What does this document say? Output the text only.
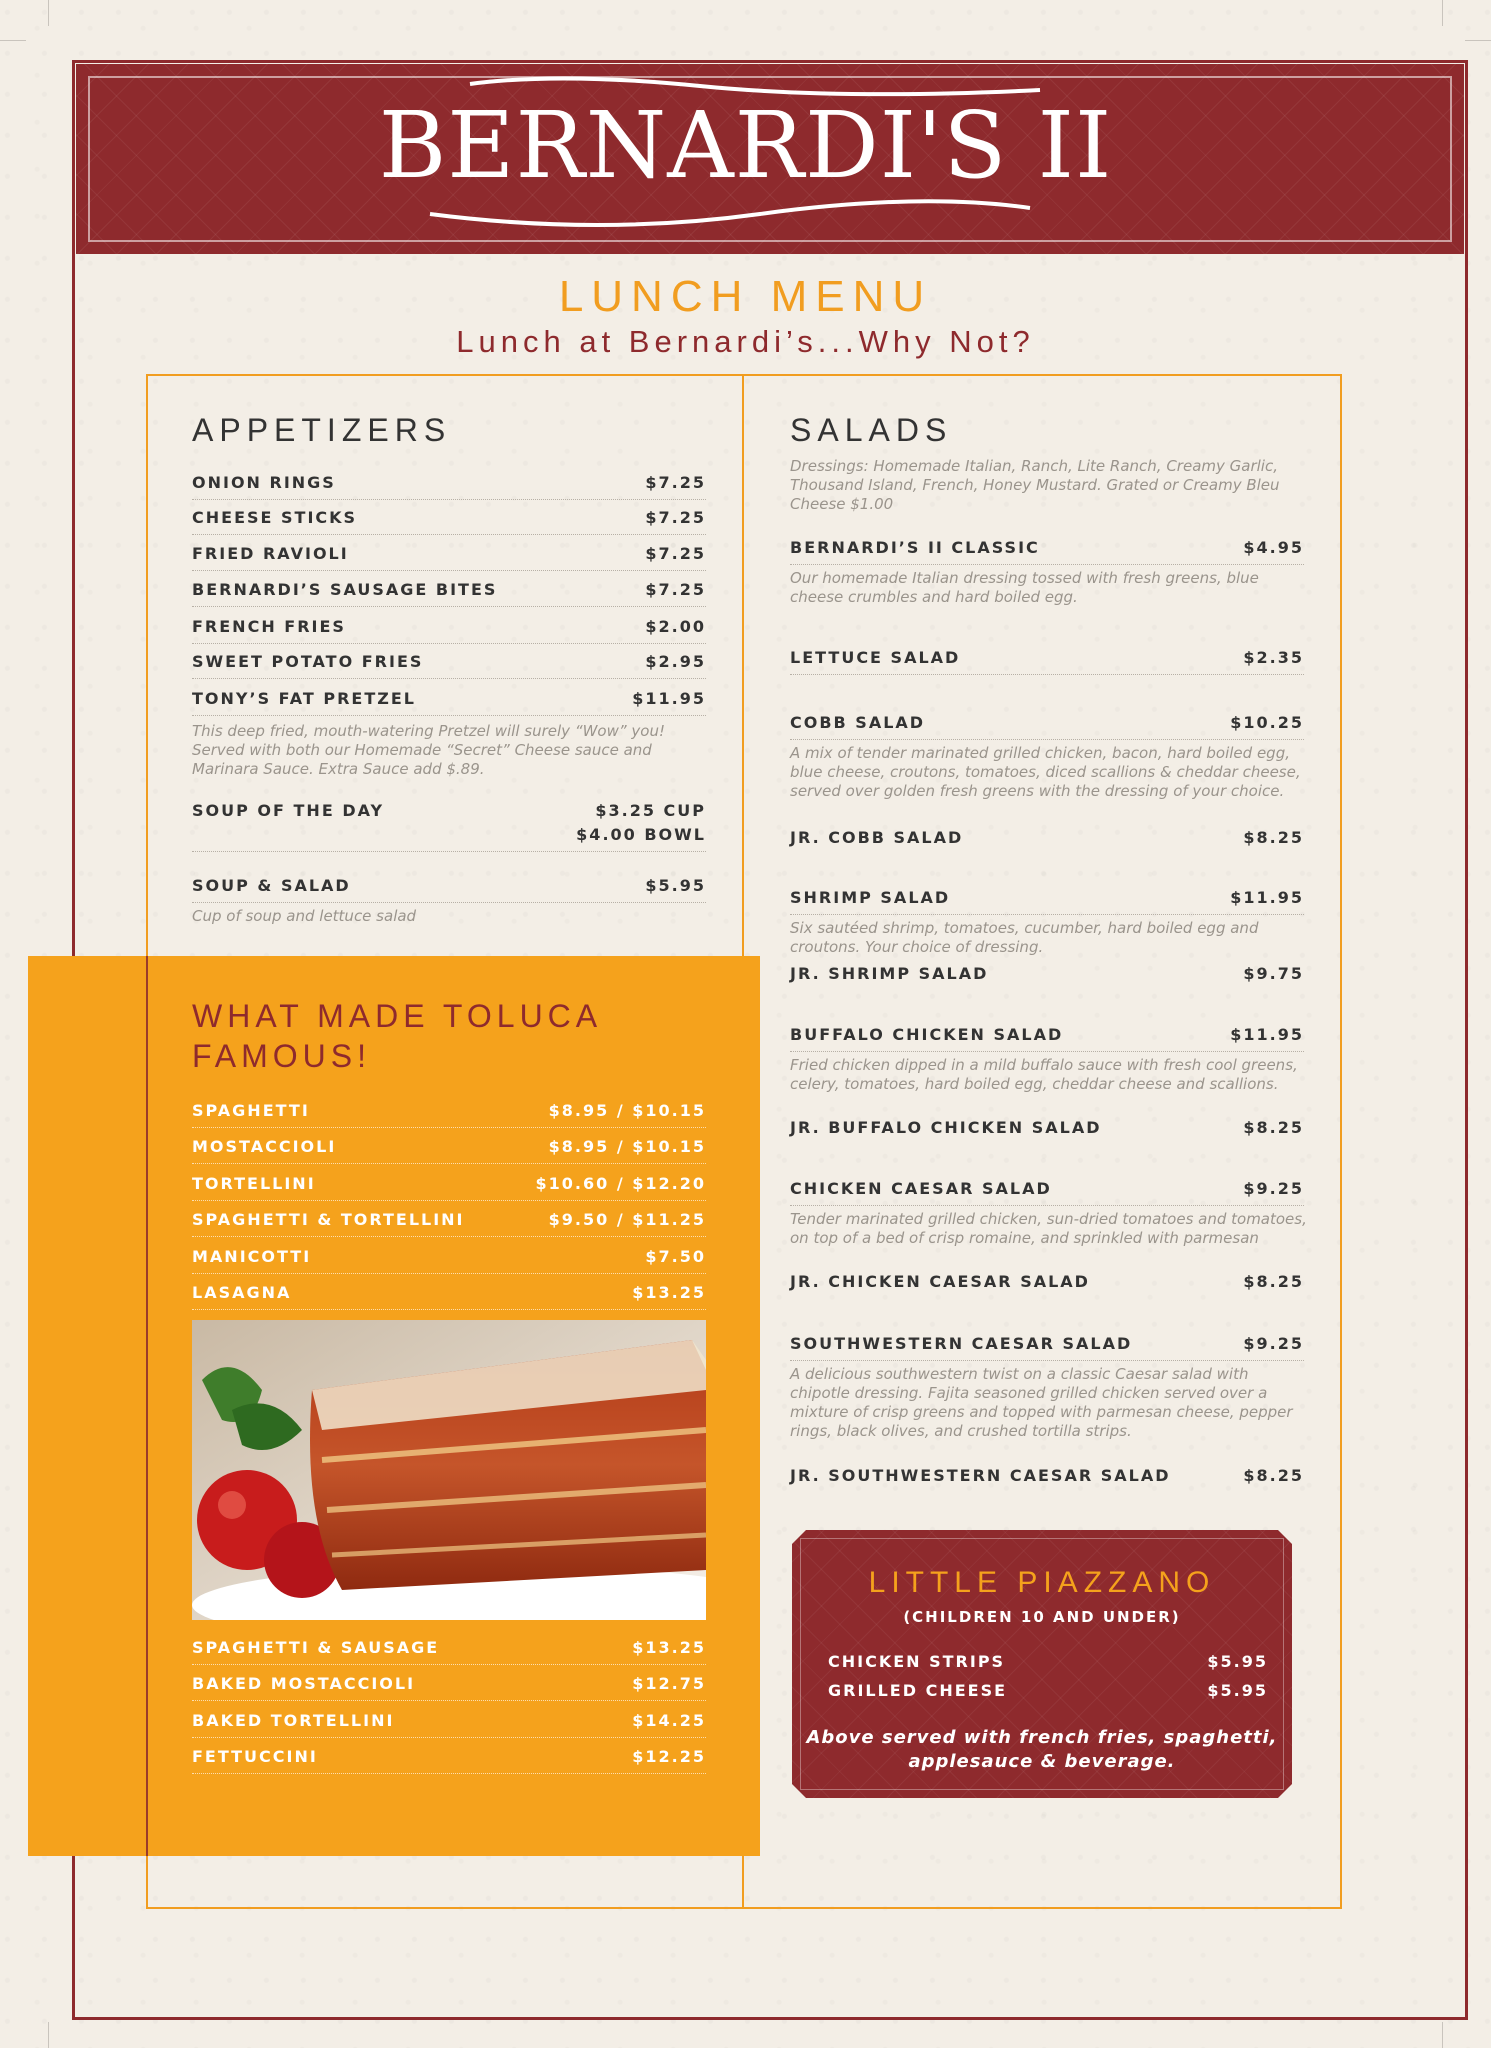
BERNARDI'S II
LUNCH MENU
Lunch at Bernardi’s...Why Not?
APPETIZERS
ONION RINGS	$7.25
CHEESE STICKS	$7.25
FRIED RAVIOLI	$7.25
BERNARDI’S SAUSAGE BITES	$7.25
FRENCH FRIES	$2.00
SWEET POTATO FRIES	$2.95
TONY’S FAT PRETZEL	$11.95
This deep fried, mouth-watering Pretzel will surely “Wow” you! Served with both our Homemade “Secret” Cheese sauce and Marinara Sauce. Extra Sauce add $.89.
SOUP OF THE DAY	$3.25 CUP
$4.00 BOWL
SOUP & SALAD	$5.95
Cup of soup and lettuce salad
WHAT MADE TOLUCA FAMOUS!
SPAGHETTI	$8.95 / $10.15
MOSTACCIOLI	$8.95 / $10.15
TORTELLINI	$10.60 / $12.20
SPAGHETTI & TORTELLINI	$9.50 / $11.25
MANICOTTI	$7.50
LASAGNA	$13.25
SPAGHETTI & SAUSAGE	$13.25
BAKED MOSTACCIOLI	$12.75
BAKED TORTELLINI	$14.25
FETTUCCINI	$12.25
SALADS
Dressings: Homemade Italian, Ranch, Lite Ranch, Creamy Garlic, Thousand Island, French, Honey Mustard. Grated or Creamy Bleu Cheese $1.00
BERNARDI’S II CLASSIC	$4.95
Our homemade Italian dressing tossed with fresh greens, blue cheese crumbles and hard boiled egg.
LETTUCE SALAD	$2.35
COBB SALAD	$10.25
A mix of tender marinated grilled chicken, bacon, hard boiled egg, blue cheese, croutons, tomatoes, diced scallions & cheddar cheese, served over golden fresh greens with the dressing of your choice.
JR. COBB SALAD	$8.25
SHRIMP SALAD	$11.95
Six sautéed shrimp, tomatoes, cucumber, hard boiled egg and croutons. Your choice of dressing.
JR. SHRIMP SALAD	$9.75
BUFFALO CHICKEN SALAD	$11.95
Fried chicken dipped in a mild buffalo sauce with fresh cool greens, celery, tomatoes, hard boiled egg, cheddar cheese and scallions.
JR. BUFFALO CHICKEN SALAD	$8.25
CHICKEN CAESAR SALAD	$9.25
Tender marinated grilled chicken, sun-dried tomatoes and tomatoes, on top of a bed of crisp romaine, and sprinkled with parmesan
JR. CHICKEN CAESAR SALAD	$8.25
SOUTHWESTERN CAESAR SALAD	$9.25
A delicious southwestern twist on a classic Caesar salad with chipotle dressing. Fajita seasoned grilled chicken served over a mixture of crisp greens and topped with parmesan cheese, pepper rings, black olives, and crushed tortilla strips.
JR. SOUTHWESTERN CAESAR SALAD	$8.25
LITTLE PIAZZANO
(CHILDREN 10 AND UNDER)
CHICKEN STRIPS	$5.95
GRILLED CHEESE	$5.95
Above served with french fries, spaghetti, applesauce & beverage.
